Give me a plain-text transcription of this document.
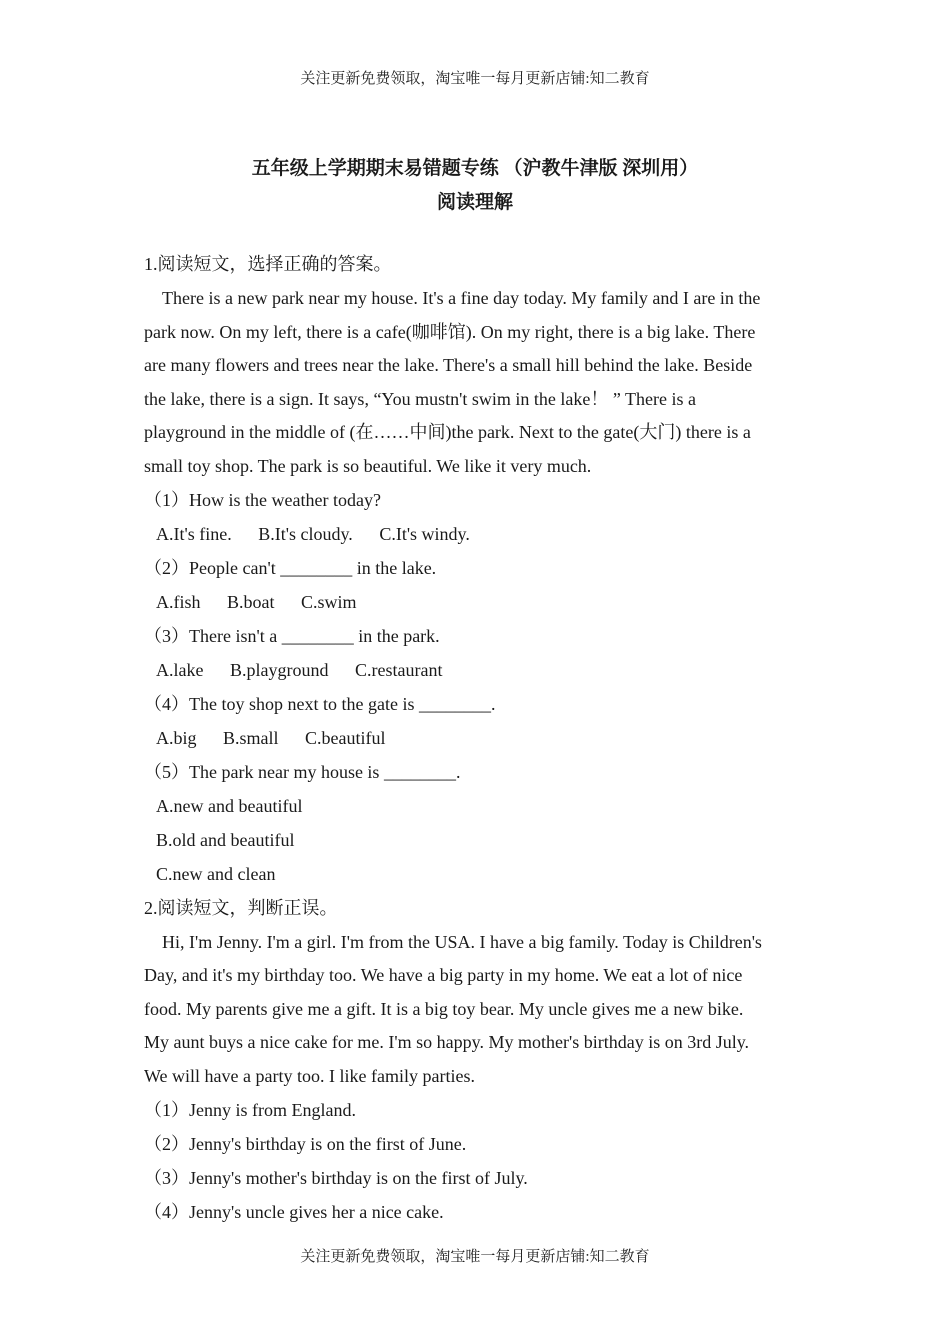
关注更新免费领取，淘宝唯一每月更新店铺:知二教育
五年级上学期期末易错题专练 （沪教牛津版 深圳用）
阅读理解
1.阅读短文，选择正确的答案。
There is a new park near my house. It's a fine day today. My family and I are in the
park now. On my left, there is a cafe(咖啡馆). On my right, there is a big lake. There
are many flowers and trees near the lake. There's a small hill behind the lake. Beside
the lake, there is a sign. It says, “You mustn't swim in the lake！ ” There is a
playground in the middle of (在……中间)the park. Next to the gate(大门) there is a
small toy shop. The park is so beautiful. We like it very much.
（1）How is the weather today?
A.It's fine. B.It's cloudy. C.It's windy.
（2）People can't ________ in the lake.
A.fish B.boat C.swim
（3）There isn't a ________ in the park.
A.lake B.playground C.restaurant
（4）The toy shop next to the gate is ________.
A.big B.small C.beautiful
（5）The park near my house is ________.
A.new and beautiful
B.old and beautiful
C.new and clean
2.阅读短文，判断正误。
Hi, I'm Jenny. I'm a girl. I'm from the USA. I have a big family. Today is Children's
Day, and it's my birthday too. We have a big party in my home. We eat a lot of nice
food. My parents give me a gift. It is a big toy bear. My uncle gives me a new bike.
My aunt buys a nice cake for me. I'm so happy. My mother's birthday is on 3rd July.
We will have a party too. I like family parties.
（1）Jenny is from England.
（2）Jenny's birthday is on the first of June.
（3）Jenny's mother's birthday is on the first of July.
（4）Jenny's uncle gives her a nice cake.
关注更新免费领取，淘宝唯一每月更新店铺:知二教育
